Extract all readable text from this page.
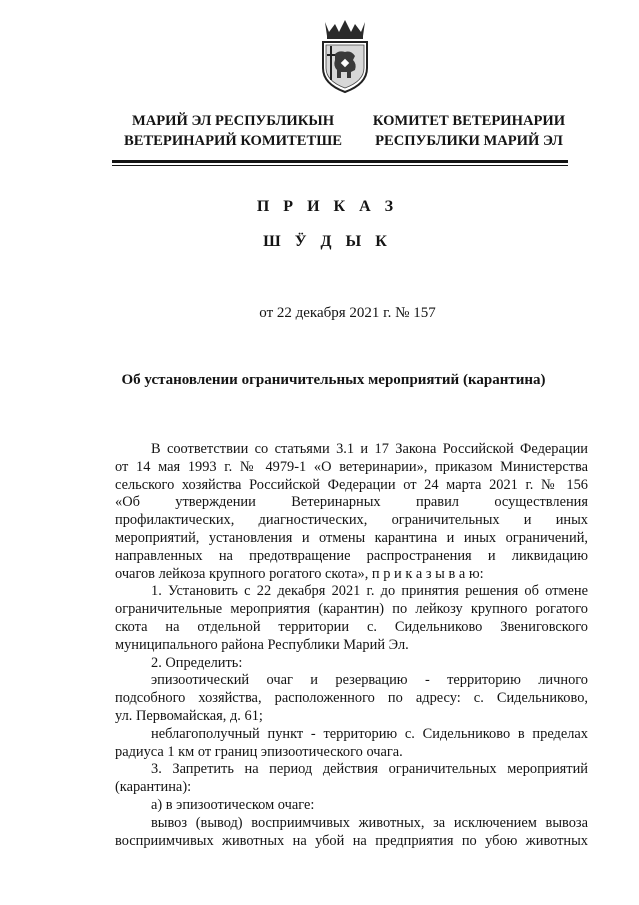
МАРИЙ ЭЛ РЕСПУБЛИКЫН
ВЕТЕРИНАРИЙ КОМИТЕТШЕ
КОМИТЕТ ВЕТЕРИНАРИИ
РЕСПУБЛИКИ МАРИЙ ЭЛ
П Р И К А З
Ш Ӱ Д Ы К
от 22 декабря 2021 г. № 157
Об установлении ограничительных мероприятий (карантина)
В соответствии со статьями 3.1 и 17 Закона Российской Федерации
от 14 мая 1993 г. № 4979-1 «О ветеринарии», приказом Министерства
сельского хозяйства Российской Федерации от 24 марта 2021 г. № 156
«Об утверждении Ветеринарных правил осуществления
профилактических, диагностических, ограничительных и иных
мероприятий, установления и отмены карантина и иных ограничений,
направленных на предотвращение распространения и ликвидацию
очагов лейкоза крупного рогатого скота», п р и к а з ы в а ю:
1. Установить с 22 декабря 2021 г. до принятия решения об отмене
ограничительные мероприятия (карантин) по лейкозу крупного рогатого
скота на отдельной территории с. Сидельниково Звениговского
муниципального района Республики Марий Эл.
2. Определить:
эпизоотический очаг и резервацию - территорию личного
подсобного хозяйства, расположенного по адресу: с. Сидельниково,
ул. Первомайская, д. 61;
неблагополучный пункт - территорию с. Сидельниково в пределах
радиуса 1 км от границ эпизоотического очага.
3. Запретить на период действия ограничительных мероприятий
(карантина):
а) в эпизоотическом очаге:
вывоз (вывод) восприимчивых животных, за исключением вывоза
восприимчивых животных на убой на предприятия по убою животных
